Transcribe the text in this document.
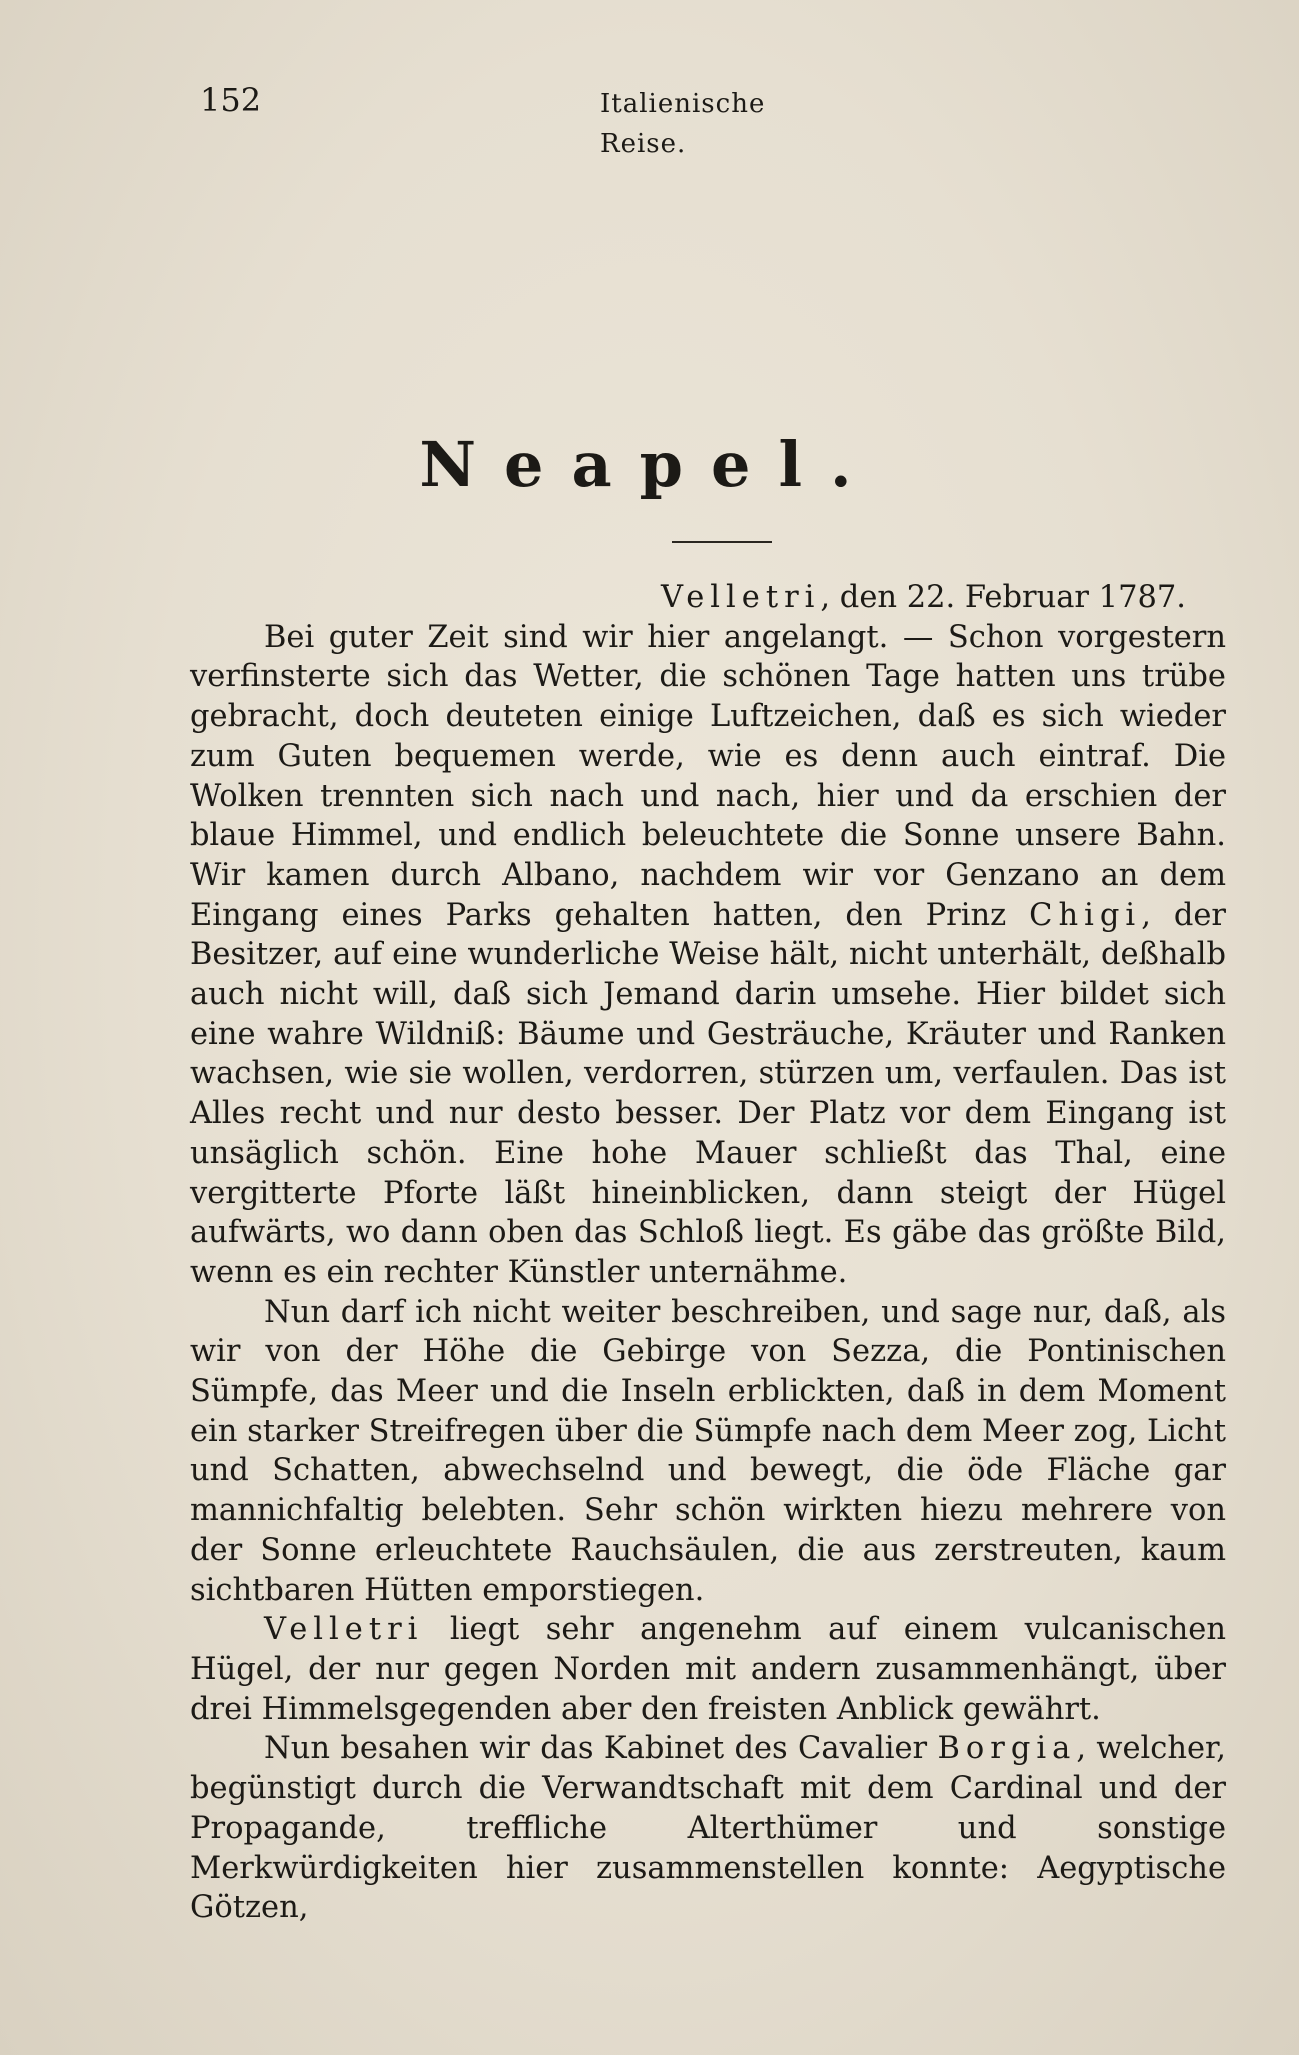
152	Italienische Reise.
Neapel.
Velletri, den 22. Februar 1787.

Bei guter Zeit sind wir hier angelangt. — Schon vorgestern verfinsterte sich das Wetter, die schönen Tage hatten uns trübe gebracht, doch deuteten einige Luftzeichen, daß es sich wieder zum Guten bequemen werde, wie es denn auch eintraf. Die Wolken trennten sich nach und nach, hier und da erschien der blaue Himmel, und endlich beleuchtete die Sonne unsere Bahn. Wir kamen durch Albano, nachdem wir vor Genzano an dem Eingang eines Parks gehalten hatten, den Prinz Chigi, der Besitzer, auf eine wunderliche Weise hält, nicht unterhält, deßhalb auch nicht will, daß sich Jemand darin umsehe. Hier bildet sich eine wahre Wildniß: Bäume und Gesträuche, Kräuter und Ranken wachsen, wie sie wollen, verdorren, stürzen um, verfaulen. Das ist Alles recht und nur desto besser. Der Platz vor dem Eingang ist unsäglich schön. Eine hohe Mauer schließt das Thal, eine vergitterte Pforte läßt hineinblicken, dann steigt der Hügel aufwärts, wo dann oben das Schloß liegt. Es gäbe das größte Bild, wenn es ein rechter Künstler unternähme.

Nun darf ich nicht weiter beschreiben, und sage nur, daß, als wir von der Höhe die Gebirge von Sezza, die Pontinischen Sümpfe, das Meer und die Inseln erblickten, daß in dem Moment ein starker Streifregen über die Sümpfe nach dem Meer zog, Licht und Schatten, abwechselnd und bewegt, die öde Fläche gar mannichfaltig belebten. Sehr schön wirkten hiezu mehrere von der Sonne erleuchtete Rauchsäulen, die aus zerstreuten, kaum sichtbaren Hütten emporstiegen.

Velletri liegt sehr angenehm auf einem vulcanischen Hügel, der nur gegen Norden mit andern zusammenhängt, über drei Himmelsgegenden aber den freisten Anblick gewährt.

Nun besahen wir das Kabinet des Cavalier Borgia, welcher, begünstigt durch die Verwandtschaft mit dem Cardinal und der Propagande, treffliche Alterthümer und sonstige Merkwürdigkeiten hier zusammenstellen konnte: Aegyptische Götzen,
